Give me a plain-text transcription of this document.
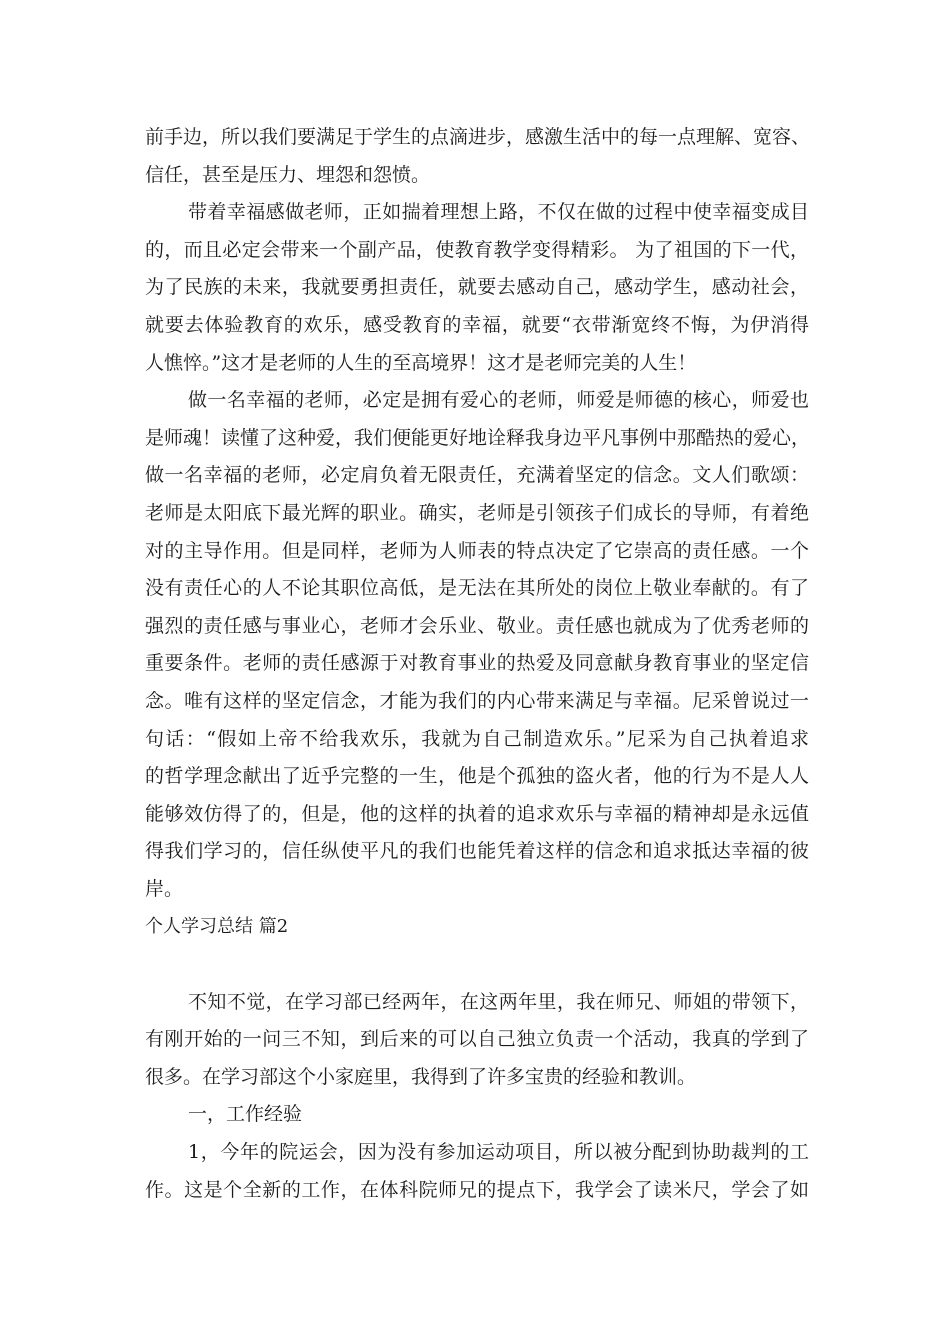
前手边，所以我们要满足于学生的点滴进步，感激生活中的每一点理解、宽容、
信任，甚至是压力、埋怨和怨愤。
带着幸福感做老师，正如揣着理想上路，不仅在做的过程中使幸福变成目
的，而且必定会带来一个副产品，使教育教学变得精彩。 为了祖国的下一代，
为了民族的未来，我就要勇担责任，就要去感动自己，感动学生，感动社会，
就要去体验教育的欢乐，感受教育的幸福，就要“衣带渐宽终不悔，为伊消得
人憔悴。”这才是老师的人生的至高境界！这才是老师完美的人生！
做一名幸福的老师，必定是拥有爱心的老师，师爱是师德的核心，师爱也
是师魂！读懂了这种爱，我们便能更好地诠释我身边平凡事例中那酷热的爱心，
做一名幸福的老师，必定肩负着无限责任，充满着坚定的信念。文人们歌颂：
老师是太阳底下最光辉的职业。确实，老师是引领孩子们成长的导师，有着绝
对的主导作用。但是同样，老师为人师表的特点决定了它崇高的责任感。一个
没有责任心的人不论其职位高低，是无法在其所处的岗位上敬业奉献的。有了
强烈的责任感与事业心，老师才会乐业、敬业。责任感也就成为了优秀老师的
重要条件。老师的责任感源于对教育事业的热爱及同意献身教育事业的坚定信
念。唯有这样的坚定信念，才能为我们的内心带来满足与幸福。尼采曾说过一
句话：“假如上帝不给我欢乐，我就为自己制造欢乐。”尼采为自己执着追求
的哲学理念献出了近乎完整的一生，他是个孤独的盗火者，他的行为不是人人
能够效仿得了的，但是，他的这样的执着的追求欢乐与幸福的精神却是永远值
得我们学习的，信任纵使平凡的我们也能凭着这样的信念和追求抵达幸福的彼
岸。
个人学习总结 篇2
不知不觉，在学习部已经两年，在这两年里，我在师兄、师姐的带领下，
有刚开始的一问三不知，到后来的可以自己独立负责一个活动，我真的学到了
很多。在学习部这个小家庭里，我得到了许多宝贵的经验和教训。
一，工作经验
1，今年的院运会，因为没有参加运动项目，所以被分配到协助裁判的工
作。这是个全新的工作，在体科院师兄的提点下，我学会了读米尺，学会了如
